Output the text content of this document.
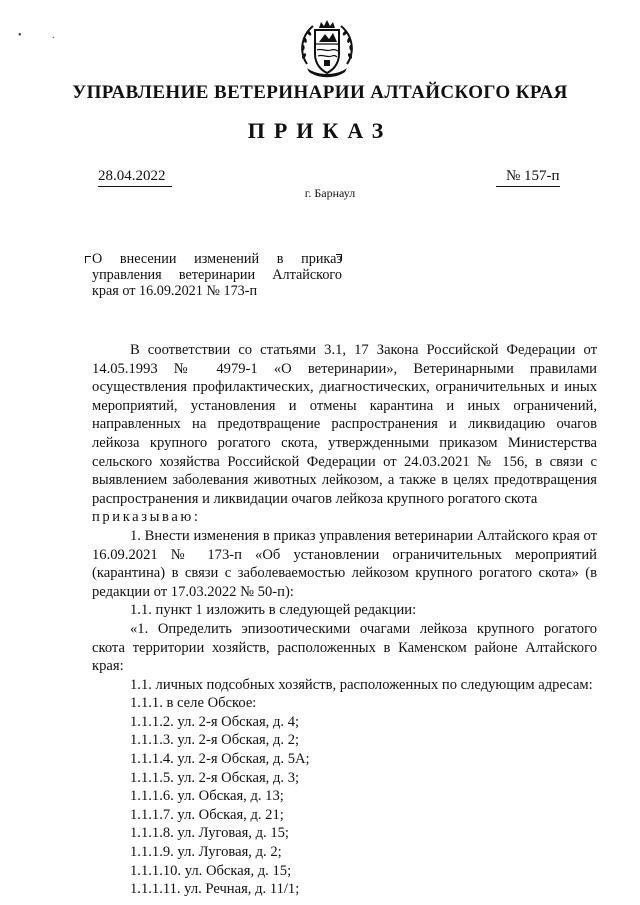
• .
УПРАВЛЕНИЕ ВЕТЕРИНАРИИ АЛТАЙСКОГО КРАЯ
ПРИКАЗ
28.04.2022	№ 157-п
г. Барнаул
О внесении изменений в приказ управления ветеринарии Алтайского края от 16.09.2021 № 173-п

В соответствии со статьями 3.1, 17 Закона Российской Федерации от 14.05.1993 № 4979-1 «О ветеринарии», Ветеринарными правилами осуществления профилактических, диагностических, ограничительных и иных мероприятий, установления и отмены карантина и иных ограничений, направленных на предотвращение распространения и ликвидацию очагов лейкоза крупного рогатого скота, утвержденными приказом Министерства сельского хозяйства Российской Федерации от 24.03.2021 № 156, в связи с выявлением заболевания животных лейкозом, а также в целях предотвращения распространения и ликвидации очагов лейкоза крупного рогатого скота

приказываю:

1. Внести изменения в приказ управления ветеринарии Алтайского края от 16.09.2021 № 173-п «Об установлении ограничительных мероприятий (карантина) в связи с заболеваемостью лейкозом крупного рогатого скота» (в редакции от 17.03.2022 № 50-п):

1.1. пункт 1 изложить в следующей редакции:

«1. Определить эпизоотическими очагами лейкоза крупного рогатого скота территории хозяйств, расположенных в Каменском районе Алтайского края:

1.1. личных подсобных хозяйств, расположенных по следующим адресам:

1.1.1. в селе Обское:

1.1.1.2. ул. 2-я Обская, д. 4;

1.1.1.3. ул. 2-я Обская, д. 2;

1.1.1.4. ул. 2-я Обская, д. 5А;

1.1.1.5. ул. 2-я Обская, д. 3;

1.1.1.6. ул. Обская, д. 13;

1.1.1.7. ул. Обская, д. 21;

1.1.1.8. ул. Луговая, д. 15;

1.1.1.9. ул. Луговая, д. 2;

1.1.1.10. ул. Обская, д. 15;

1.1.1.11. ул. Речная, д. 11/1;
